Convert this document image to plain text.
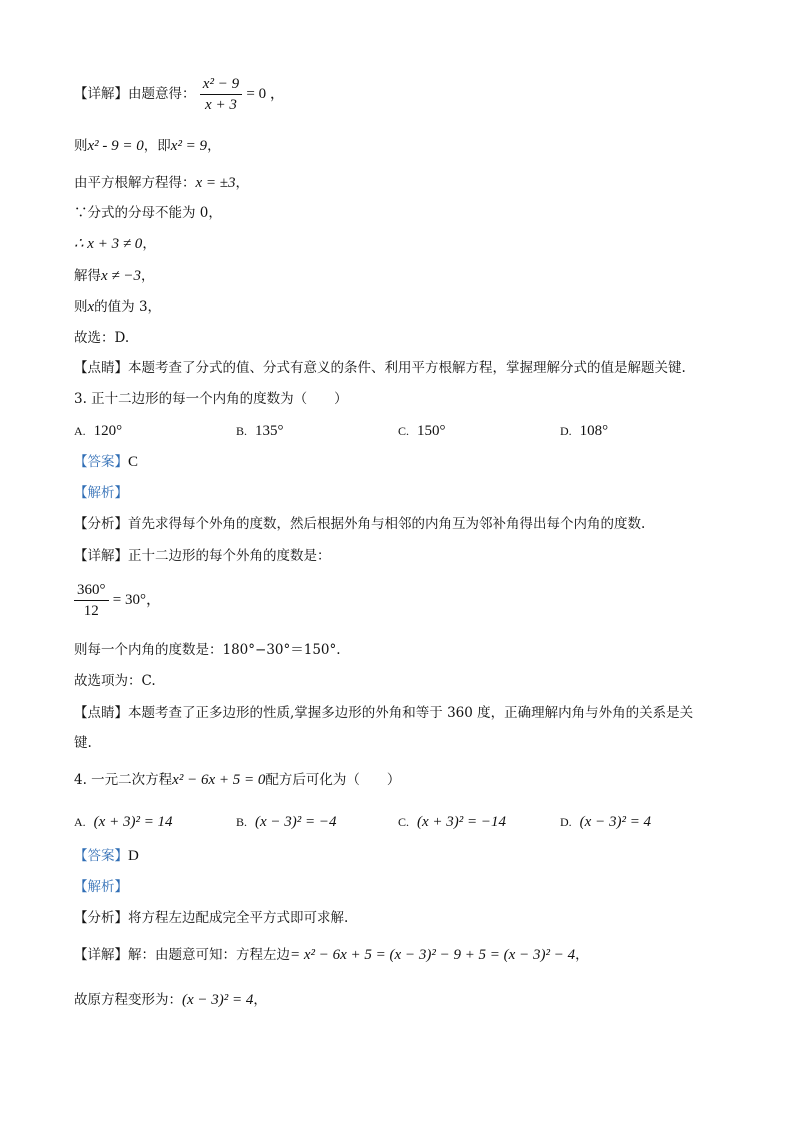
【详解】由题意得： $\frac{\text{x² − 9}}{x + 3} = 0$ ，
则x² - 9 = 0，即x² = 9，
由平方根解方程得：x = ±3，
∵分式的分母不能为 0，
∴ x + 3 ≠ 0，
解得x ≠ −3，
则x的值为 3，
故选：D.
【点睛】本题考查了分式的值、分式有意义的条件、利用平方根解方程，掌握理解分式的值是解题关键.
3. 正十二边形的每一个内角的度数为（　　）
A. 120°	B. 135°	C. 150°	D. 108°
【答案】C
【解析】
【分析】首先求得每个外角的度数，然后根据外角与相邻的内角互为邻补角得出每个内角的度数.
【详解】正十二边形的每个外角的度数是：
$\frac{360^\circ}{12} = 30^\circ$，
则每一个内角的度数是：180°−30°＝150°.
故选项为：C.
【点睛】本题考查了正多边形的性质,掌握多边形的外角和等于 360 度，正确理解内角与外角的关系是关
键.
4. 一元二次方程x² − 6x + 5 = 0配方后可化为（　　）
A. (x + 3)² = 14	B. (x − 3)² = −4	C. (x + 3)² = −14	D. (x − 3)² = 4
【答案】D
【解析】
【分析】将方程左边配成完全平方式即可求解.
【详解】解：由题意可知：方程左边= x² − 6x + 5 = (x − 3)² − 9 + 5 = (x − 3)² − 4，
故原方程变形为：(x − 3)² = 4，
